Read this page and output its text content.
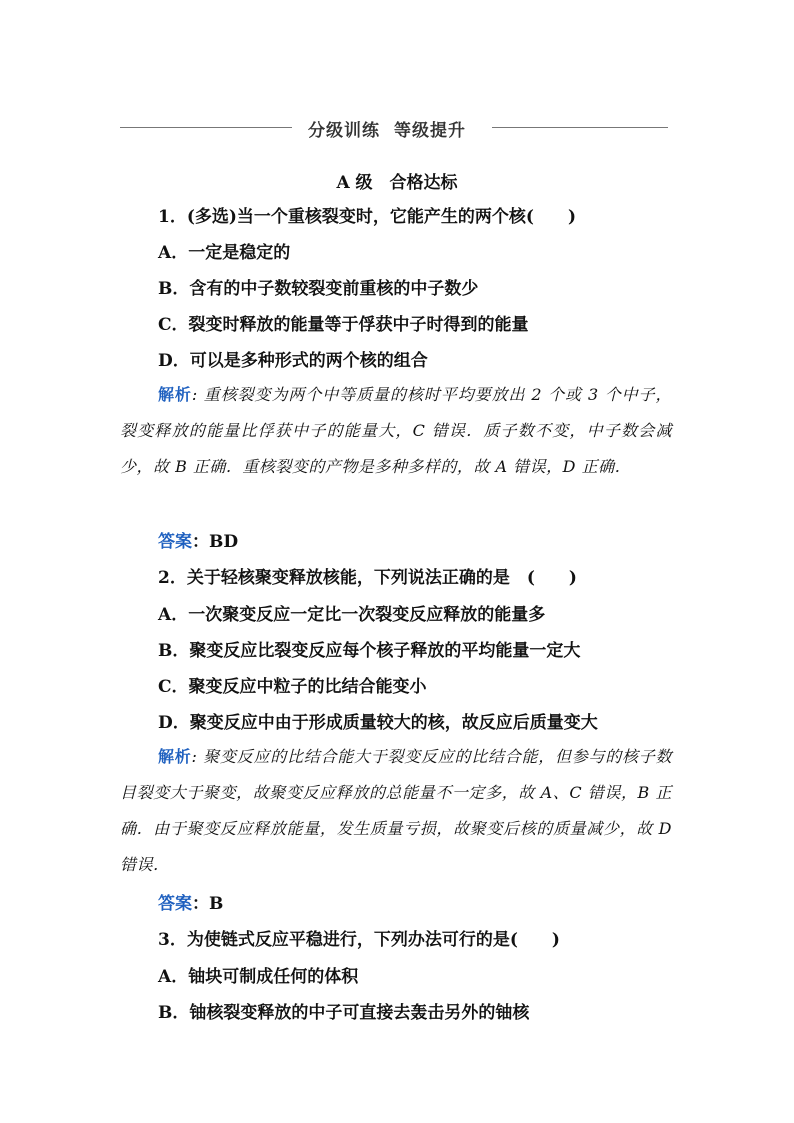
分级训练 等级提升
A 级　合格达标
1．(多选)当一个重核裂变时，它能产生的两个核(　　)
A．一定是稳定的
B．含有的中子数较裂变前重核的中子数少
C．裂变时释放的能量等于俘获中子时得到的能量
D．可以是多种形式的两个核的组合
解析: 重核裂变为两个中等质量的核时平均要放出 2 个或 3 个中子，裂变释放的能量比俘获中子的能量大，C 错误．质子数不变，中子数会减少，故 B 正确．重核裂变的产物是多种多样的，故 A 错误，D 正确．
答案：BD
2．关于轻核聚变释放核能，下列说法正确的是　(　　)
A．一次聚变反应一定比一次裂变反应释放的能量多
B．聚变反应比裂变反应每个核子释放的平均能量一定大
C．聚变反应中粒子的比结合能变小
D．聚变反应中由于形成质量较大的核，故反应后质量变大
解析: 聚变反应的比结合能大于裂变反应的比结合能，但参与的核子数目裂变大于聚变，故聚变反应释放的总能量不一定多，故 A、C 错误，B 正确．由于聚变反应释放能量，发生质量亏损，故聚变后核的质量减少，故 D 错误．
答案：B
3．为使链式反应平稳进行，下列办法可行的是(　　)
A．铀块可制成任何的体积
B．铀核裂变释放的中子可直接去轰击另外的铀核
